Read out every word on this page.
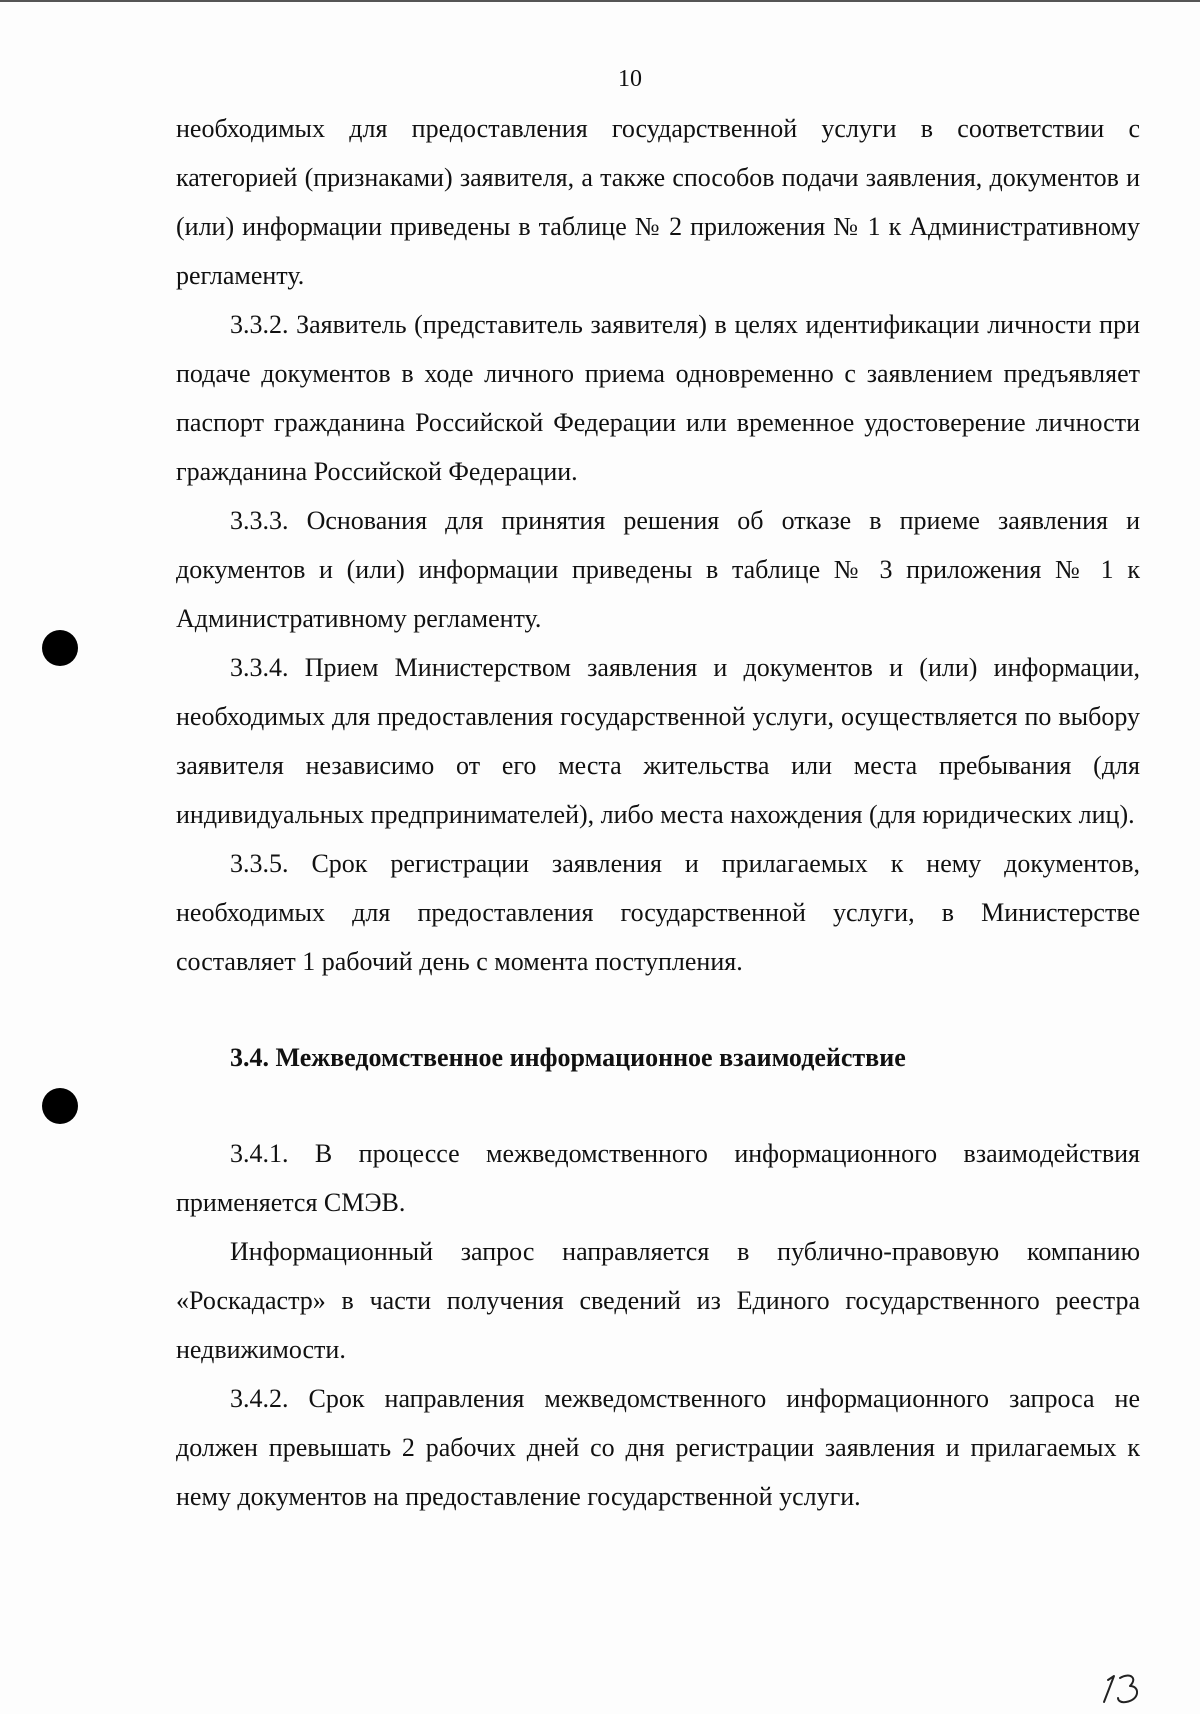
10

необходимых для предоставления государственной услуги в соответствии с категорией (признаками) заявителя, а также способов подачи заявления, документов и (или) информации приведены в таблице № 2 приложения № 1 к Административному регламенту.

3.3.2. Заявитель (представитель заявителя) в целях идентификации личности при подаче документов в ходе личного приема одновременно с заявлением предъявляет паспорт гражданина Российской Федерации или временное удостоверение личности гражданина Российской Федерации.

3.3.3. Основания для принятия решения об отказе в приеме заявления и документов и (или) информации приведены в таблице № 3 приложения № 1 к Административному регламенту.

3.3.4. Прием Министерством заявления и документов и (или) информации, необходимых для предоставления государственной услуги, осуществляется по выбору заявителя независимо от его места жительства или места пребывания (для индивидуальных предпринимателей), либо места нахождения (для юридических лиц).

3.3.5. Срок регистрации заявления и прилагаемых к нему документов, необходимых для предоставления государственной услуги, в Министерстве составляет 1 рабочий день с момента поступления.

3.4. Межведомственное информационное взаимодействие

3.4.1. В процессе межведомственного информационного взаимодействия применяется СМЭВ.

Информационный запрос направляется в публично-правовую компанию «Роскадастр» в части получения сведений из Единого государственного реестра недвижимости.

3.4.2. Срок направления межведомственного информационного запроса не должен превышать 2 рабочих дней со дня регистрации заявления и прилагаемых к нему документов на предоставление государственной услуги.
